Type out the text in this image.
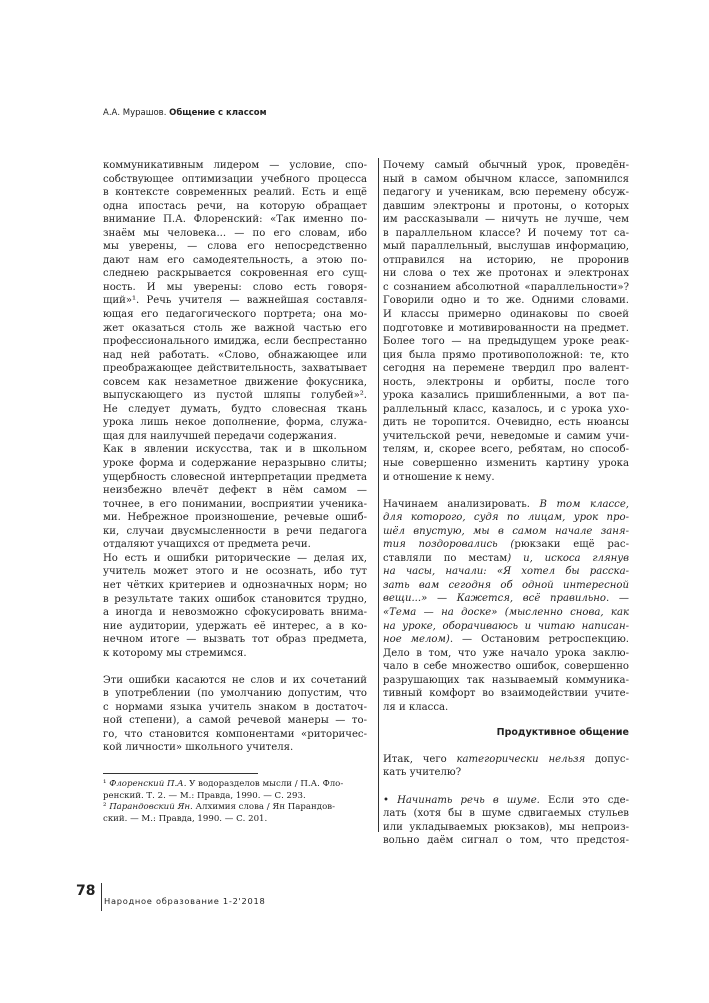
А.А. Мурашов. Общение с классом
коммуникативным лидером — условие, спо-
собствующее оптимизации учебного процесса
в контексте современных реалий. Есть и ещё
одна ипостась речи, на которую обращает
внимание П.А. Флоренский: «Так именно по-
знаём мы человека... — по его словам, ибо
мы уверены, — слова его непосредственно
дают нам его самодеятельность, а этою по-
следнею раскрывается сокровенная его сущ-
ность. И мы уверены: слово есть говоря-
щий»¹. Речь учителя — важнейшая составля-
ющая его педагогического портрета; она мо-
жет оказаться столь же важной частью его
профессионального имиджа, если беспрестанно
над ней работать. «Слово, обнажающее или
преображающее действительность, захватывает
совсем как незаметное движение фокусника,
выпускающего из пустой шляпы голубей»².
Не следует думать, будто словесная ткань
урока лишь некое дополнение, форма, служа-
щая для наилучшей передачи содержания.
Как в явлении искусства, так и в школьном
уроке форма и содержание неразрывно слиты;
ущербность словесной интерпретации предмета
неизбежно влечёт дефект в нём самом —
точнее, в его понимании, восприятии ученика-
ми. Небрежное произношение, речевые ошиб-
ки, случаи двусмысленности в речи педагога
отдаляют учащихся от предмета речи.
Но есть и ошибки риторические — делая их,
учитель может этого и не осознать, ибо тут
нет чётких критериев и однозначных норм; но
в результате таких ошибок становится трудно,
а иногда и невозможно сфокусировать внима-
ние аудитории, удержать её интерес, а в ко-
нечном итоге — вызвать тот образ предмета,
к которому мы стремимся.
Эти ошибки касаются не слов и их сочетаний
в употреблении (по умолчанию допустим, что
с нормами языка учитель знаком в достаточ-
ной степени), а самой речевой манеры — то-
го, что становится компонентами «риторичес-
кой личности» школьного учителя.
Почему самый обычный урок, проведён-
ный в самом обычном классе, запомнился
педагогу и ученикам, всю перемену обсуж-
давшим электроны и протоны, о которых
им рассказывали — ничуть не лучше, чем
в параллельном классе? И почему тот са-
мый параллельный, выслушав информацию,
отправился на историю, не проронив
ни слова о тех же протонах и электронах
с сознанием абсолютной «параллельности»?
Говорили одно и то же. Одними словами.
И классы примерно одинаковы по своей
подготовке и мотивированности на предмет.
Более того — на предыдущем уроке реак-
ция была прямо противоположной: те, кто
сегодня на перемене твердил про валент-
ность, электроны и орбиты, после того
урока казались пришибленными, а вот па-
раллельный класс, казалось, и с урока ухо-
дить не торопится. Очевидно, есть нюансы
учительской речи, неведомые и самим учи-
телям, и, скорее всего, ребятам, но способ-
ные совершенно изменить картину урока
и отношение к нему.
Начинаем анализировать. В том классе,
для которого, судя по лицам, урок про-
шёл впустую, мы в самом начале заня-
тия поздоровались (рюкзаки ещё рас-
ставляли по местам) и, искоса глянув
на часы, начали: «Я хотел бы расска-
зать вам сегодня об одной интересной
вещи...» — Кажется, всё правильно. —
«Тема — на доске» (мысленно снова, как
на уроке, оборачиваюсь и читаю написан-
ное мелом). — Остановим ретроспекцию.
Дело в том, что уже начало урока заклю-
чало в себе множество ошибок, совершенно
разрушающих так называемый коммуника-
тивный комфорт во взаимодействии учите-
ля и класса.
Продуктивное общение
Итак, чего категорически нельзя допус-
кать учителю?
• Начинать речь в шуме. Если это сде-
лать (хотя бы в шуме сдвигаемых стульев
или укладываемых рюкзаков), мы непроиз-
вольно даём сигнал о том, что предстоя-
¹ Флоренский П.А. У водоразделов мысли / П.А. Фло-
ренский. Т. 2. — М.: Правда, 1990. — С. 293.
² Парандовский Ян. Алхимия слова / Ян Парандов-
ский. — М.: Правда, 1990. — С. 201.
78
Народное образование 1-2'2018
